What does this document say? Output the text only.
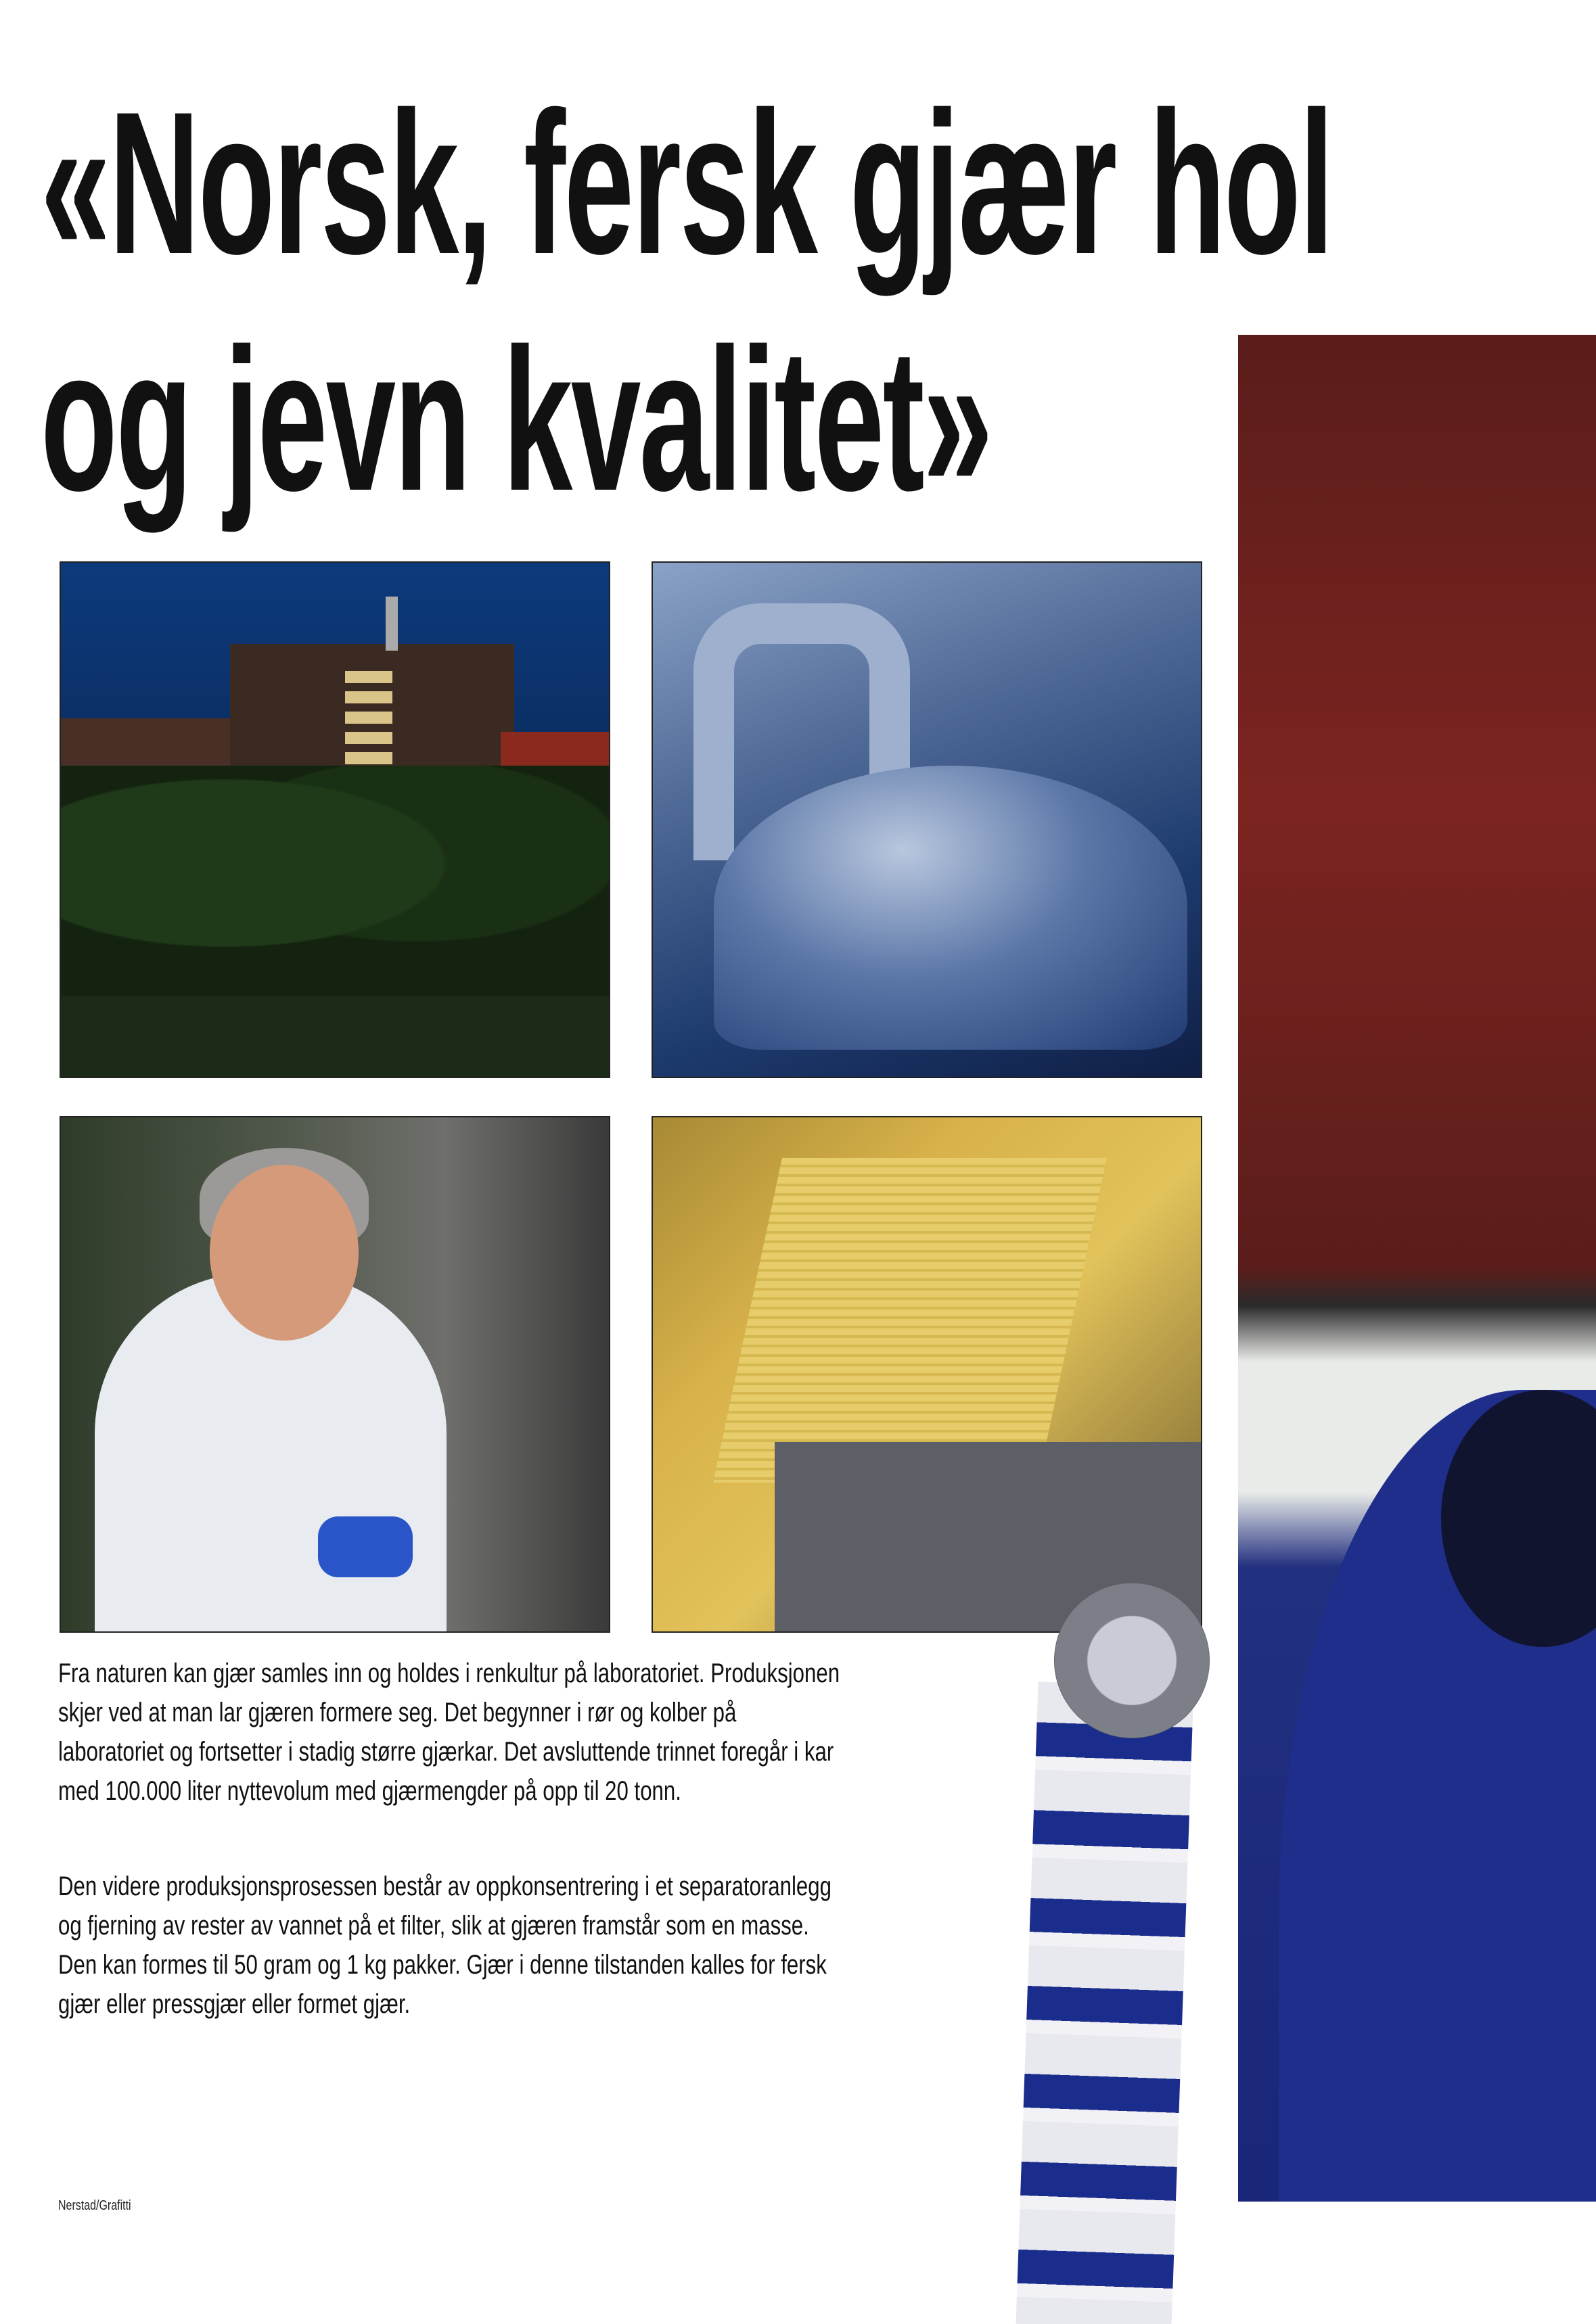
«Norsk, fersk gjær hol
og jevn kvalitet»

Fra naturen kan gjær samles inn og holdes i renkultur på laboratoriet. Produksjonen skjer ved at man lar gjæren formere seg. Det begynner i rør og kolber på laboratoriet og fortsetter i stadig større gjærkar. Det avsluttende trinnet foregår i kar med 100.000 liter nyttevolum med gjærmengder på opp til 20 tonn.

Den videre produksjonsprosessen består av oppkonsentrering i et separatoranlegg og fjerning av rester av vannet på et filter, slik at gjæren framstår som en masse. Den kan formes til 50 gram og 1 kg pakker. Gjær i denne tilstanden kalles for fersk gjær eller pressgjær eller formet gjær.

Nerstad/Grafitti
